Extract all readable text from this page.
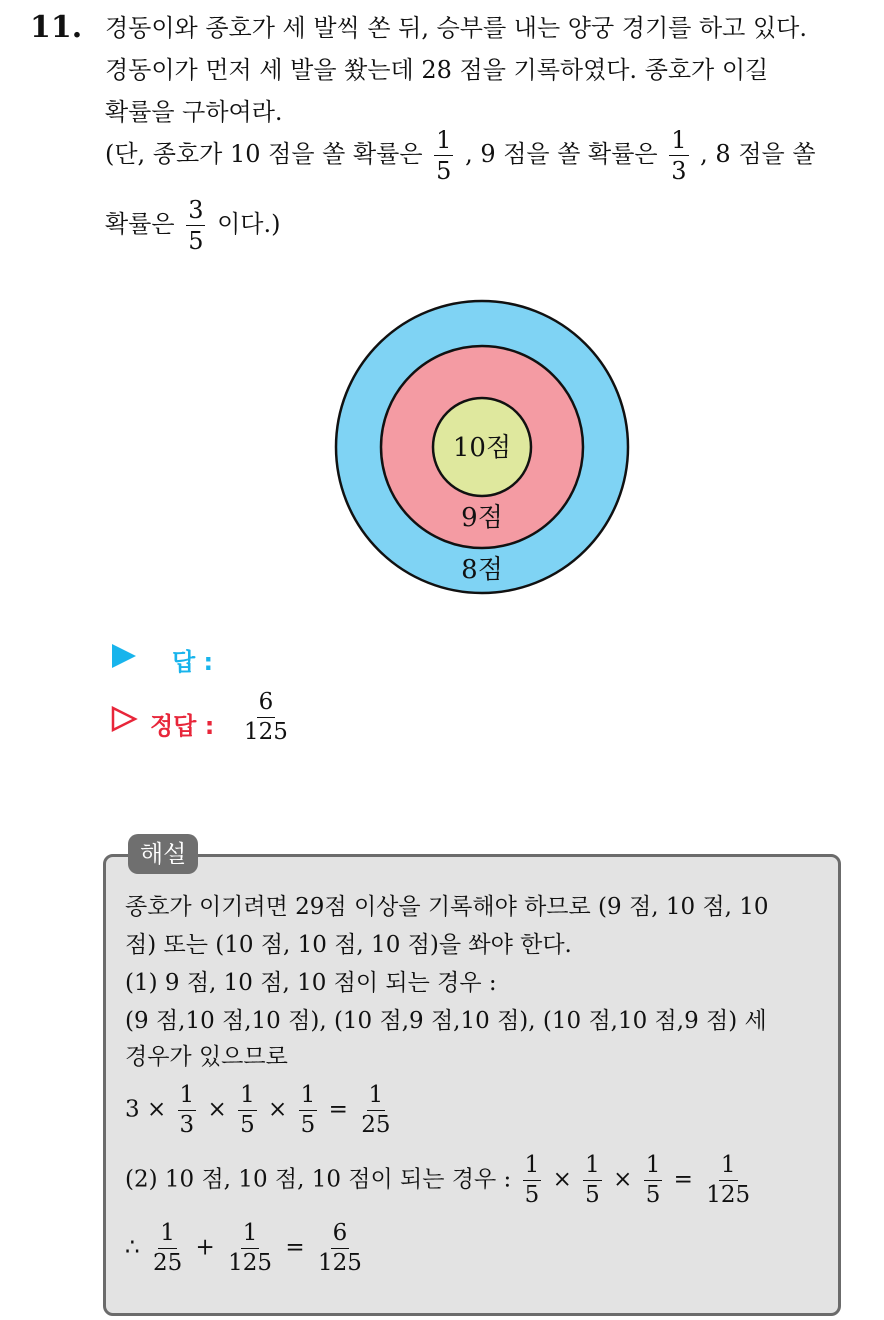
11. 경동이와 종호가 세 발씩 쏜 뒤, 승부를 내는 양궁 경기를 하고 있다.
경동이가 먼저 세 발을 쐈는데 28 점을 기록하였다. 종호가 이길
확률을 구하여라.
(단, 종호가 10 점을 쏠 확률은 $\frac{1}{5}$ , 9 점을 쏠 확률은 $\frac{1}{3}$ , 8 점을 쏠
확률은 $\frac{3}{5}$ 이다.)
10점
9점
8점
답 :
정답 : $\frac{6}{125}$
해설
종호가 이기려면 29점 이상을 기록해야 하므로 (9 점, 10 점, 10
점) 또는 (10 점, 10 점, 10 점)을 쏴야 한다.
(1) 9 점, 10 점, 10 점이 되는 경우 :
(9 점,10 점,10 점), (10 점,9 점,10 점), (10 점,10 점,9 점) 세
경우가 있으므로
$3 \times \frac{1}{3} \times \frac{1}{5} \times \frac{1}{5} = \frac{1}{25}$
(2) 10 점, 10 점, 10 점이 되는 경우 : $\frac{1}{5} \times \frac{1}{5} \times \frac{1}{5} = \frac{1}{125}$
∴ $\frac{1}{25} + \frac{1}{125} = \frac{6}{125}$
